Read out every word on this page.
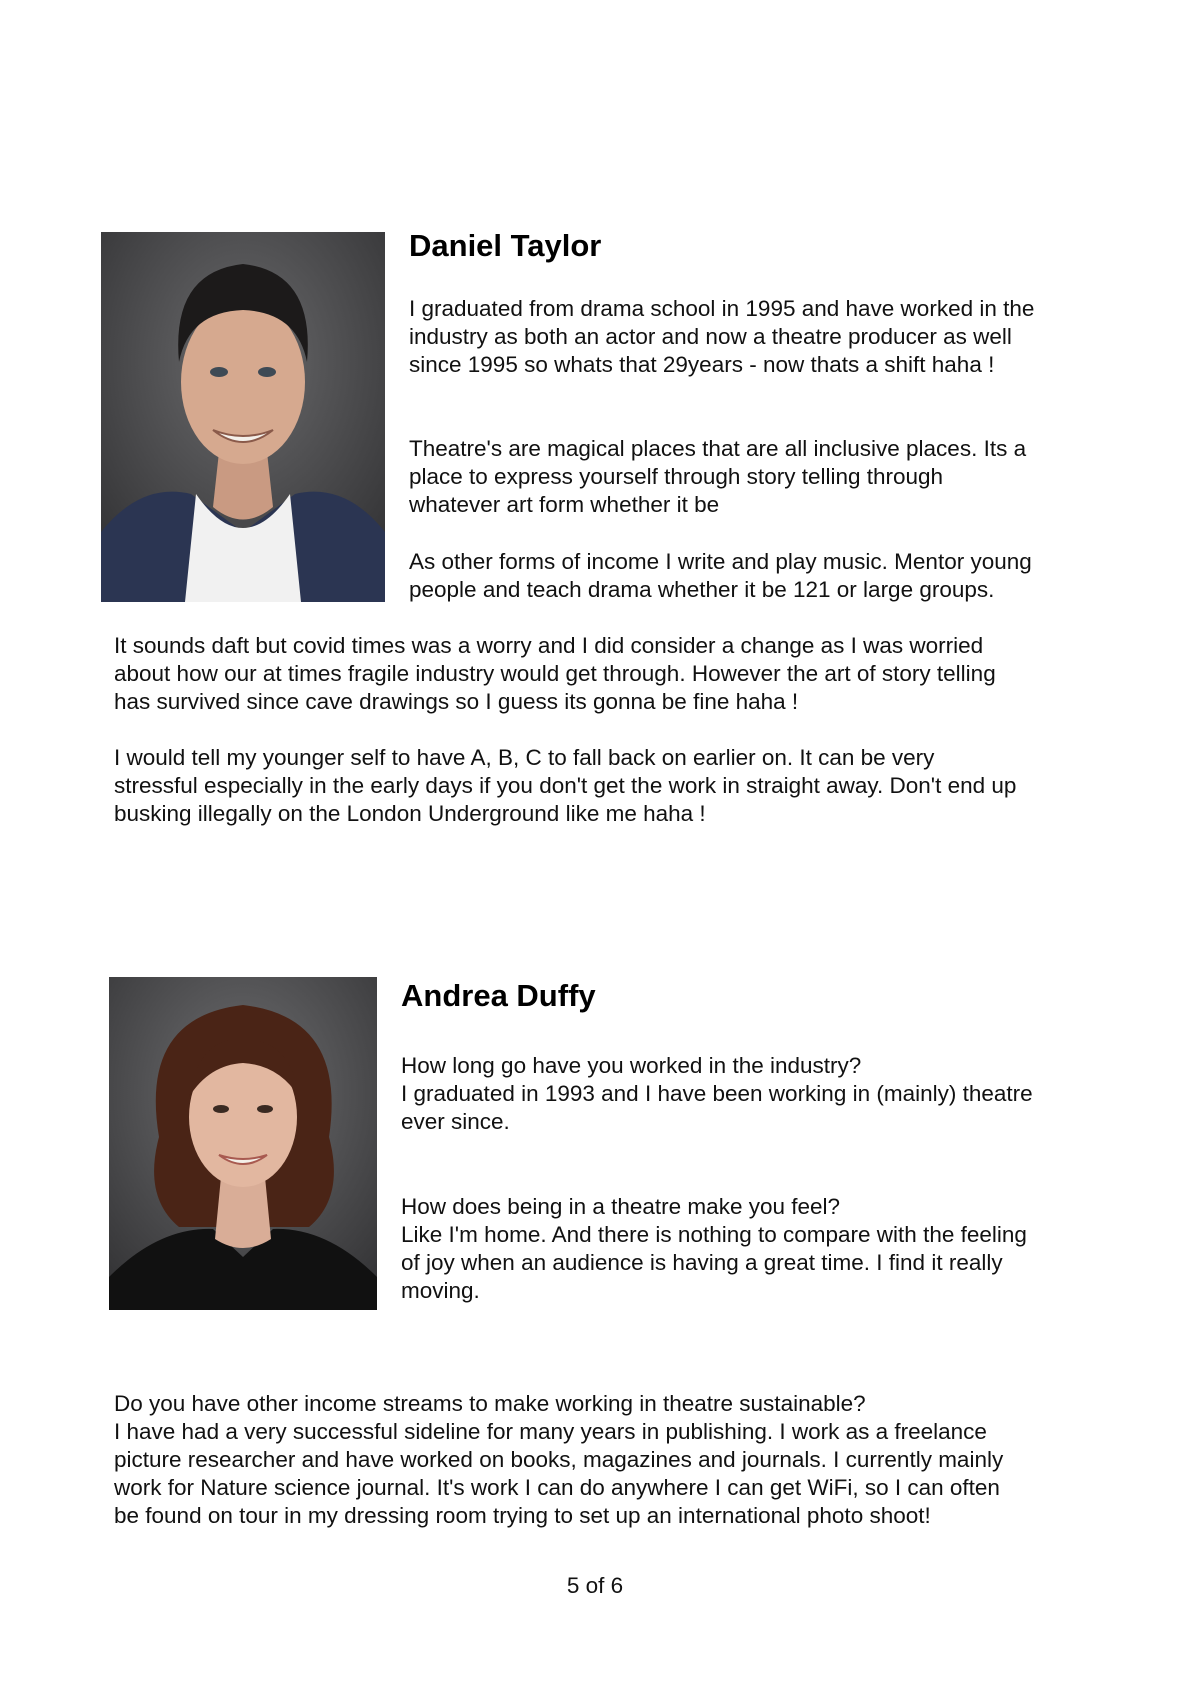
Daniel Taylor

I graduated from drama school in 1995 and have worked in the
industry as both an actor and now a theatre producer as well
since 1995 so whats that 29years - now thats a shift haha !

Theatre's are magical places that are all inclusive places. Its a
place to express yourself through story telling through
whatever art form whether it be

As other forms of income I write and play music. Mentor young
people and teach drama whether it be 121 or large groups.

It sounds daft but covid times was a worry and I did consider a change as I was worried
about how our at times fragile industry would get through. However the art of story telling
has survived since cave drawings so I guess its gonna be fine haha !

I would tell my younger self to have A, B, C to fall back on earlier on. It can be very
stressful especially in the early days if you don't get the work in straight away. Don't end up
busking illegally on the London Underground like me haha !

Andrea Duffy

How long go have you worked in the industry?
I graduated in 1993 and I have been working in (mainly) theatre
ever since.

How does being in a theatre make you feel?
Like I'm home. And there is nothing to compare with the feeling
of joy when an audience is having a great time. I find it really
moving.

Do you have other income streams to make working in theatre sustainable?
I have had a very successful sideline for many years in publishing. I work as a freelance
picture researcher and have worked on books, magazines and journals. I currently mainly
work for Nature science journal. It's work I can do anywhere I can get WiFi, so I can often
be found on tour in my dressing room trying to set up an international photo shoot!

5 of 6
